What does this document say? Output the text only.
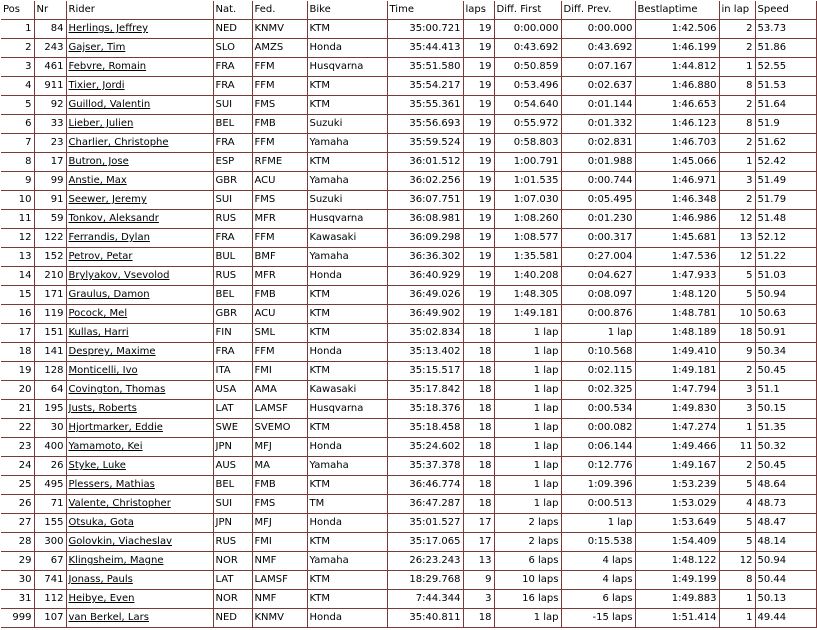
Pos	Nr	Rider	Nat.	Fed.	Bike	Time	laps	Diff. First	Diff. Prev.	Bestlaptime	in lap	Speed
1	84	Herlings, Jeffrey	NED	KNMV	KTM	35:00.721	19	0:00.000	0:00.000	1:42.506	2	53.73
2	243	Gajser, Tim	SLO	AMZS	Honda	35:44.413	19	0:43.692	0:43.692	1:46.199	2	51.86
3	461	Febvre, Romain	FRA	FFM	Husqvarna	35:51.580	19	0:50.859	0:07.167	1:44.812	1	52.55
4	911	Tixier, Jordi	FRA	FFM	KTM	35:54.217	19	0:53.496	0:02.637	1:46.880	8	51.53
5	92	Guillod, Valentin	SUI	FMS	KTM	35:55.361	19	0:54.640	0:01.144	1:46.653	2	51.64
6	33	Lieber, Julien	BEL	FMB	Suzuki	35:56.693	19	0:55.972	0:01.332	1:46.123	8	51.9
7	23	Charlier, Christophe	FRA	FFM	Yamaha	35:59.524	19	0:58.803	0:02.831	1:46.703	2	51.62
8	17	Butron, Jose	ESP	RFME	KTM	36:01.512	19	1:00.791	0:01.988	1:45.066	1	52.42
9	99	Anstie, Max	GBR	ACU	Yamaha	36:02.256	19	1:01.535	0:00.744	1:46.971	3	51.49
10	91	Seewer, Jeremy	SUI	FMS	Suzuki	36:07.751	19	1:07.030	0:05.495	1:46.348	2	51.79
11	59	Tonkov, Aleksandr	RUS	MFR	Husqvarna	36:08.981	19	1:08.260	0:01.230	1:46.986	12	51.48
12	122	Ferrandis, Dylan	FRA	FFM	Kawasaki	36:09.298	19	1:08.577	0:00.317	1:45.681	13	52.12
13	152	Petrov, Petar	BUL	BMF	Yamaha	36:36.302	19	1:35.581	0:27.004	1:47.536	12	51.22
14	210	Brylyakov, Vsevolod	RUS	MFR	Honda	36:40.929	19	1:40.208	0:04.627	1:47.933	5	51.03
15	171	Graulus, Damon	BEL	FMB	KTM	36:49.026	19	1:48.305	0:08.097	1:48.120	5	50.94
16	119	Pocock, Mel	GBR	ACU	KTM	36:49.902	19	1:49.181	0:00.876	1:48.781	10	50.63
17	151	Kullas, Harri	FIN	SML	KTM	35:02.834	18	1 lap	1 lap	1:48.189	18	50.91
18	141	Desprey, Maxime	FRA	FFM	Honda	35:13.402	18	1 lap	0:10.568	1:49.410	9	50.34
19	128	Monticelli, Ivo	ITA	FMI	KTM	35:15.517	18	1 lap	0:02.115	1:49.181	2	50.45
20	64	Covington, Thomas	USA	AMA	Kawasaki	35:17.842	18	1 lap	0:02.325	1:47.794	3	51.1
21	195	Justs, Roberts	LAT	LAMSF	Husqvarna	35:18.376	18	1 lap	0:00.534	1:49.830	3	50.15
22	30	Hjortmarker, Eddie	SWE	SVEMO	KTM	35:18.458	18	1 lap	0:00.082	1:47.274	1	51.35
23	400	Yamamoto, Kei	JPN	MFJ	Honda	35:24.602	18	1 lap	0:06.144	1:49.466	11	50.32
24	26	Styke, Luke	AUS	MA	Yamaha	35:37.378	18	1 lap	0:12.776	1:49.167	2	50.45
25	495	Plessers, Mathias	BEL	FMB	KTM	36:46.774	18	1 lap	1:09.396	1:53.239	5	48.64
26	71	Valente, Christopher	SUI	FMS	TM	36:47.287	18	1 lap	0:00.513	1:53.029	4	48.73
27	155	Otsuka, Gota	JPN	MFJ	Honda	35:01.527	17	2 laps	1 lap	1:53.649	5	48.47
28	300	Golovkin, Viacheslav	RUS	FMI	KTM	35:17.065	17	2 laps	0:15.538	1:54.409	5	48.14
29	67	Klingsheim, Magne	NOR	NMF	Yamaha	26:23.243	13	6 laps	4 laps	1:48.122	12	50.94
30	741	Jonass, Pauls	LAT	LAMSF	KTM	18:29.768	9	10 laps	4 laps	1:49.199	8	50.44
31	112	Heibye, Even	NOR	NMF	KTM	7:44.344	3	16 laps	6 laps	1:49.883	1	50.13
999	107	van Berkel, Lars	NED	KNMV	Honda	35:40.811	18	1 lap	-15 laps	1:51.414	1	49.44
